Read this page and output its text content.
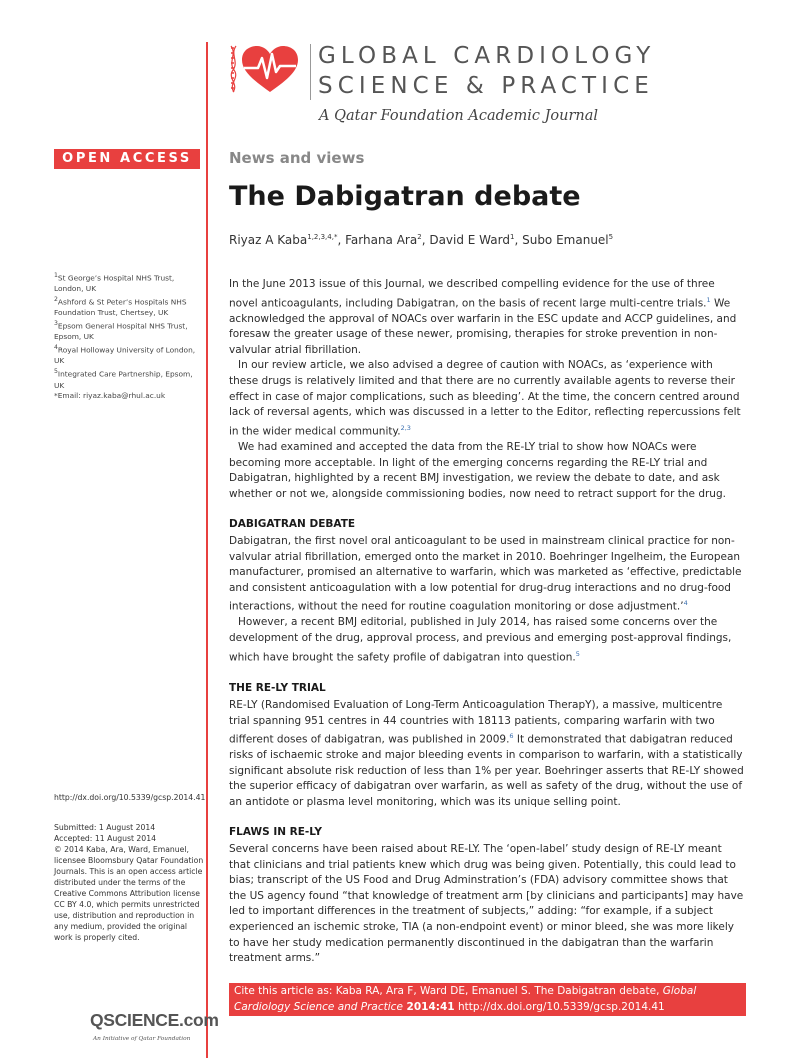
GLOBAL CARDIOLOGY
SCIENCE & PRACTICE
A Qatar Foundation Academic Journal
OPEN ACCESS	News and views
The Dabigatran debate
Riyaz A Kaba$^{1,2,3,4,*}$, Farhana Ara$^2$, David E Ward$^1$, Subo Emanuel$^5$

$^1$St George’s Hospital NHS Trust, London, UK

$^2$Ashford & St Peter’s Hospitals NHS Foundation Trust, Chertsey, UK

$^3$Epsom General Hospital NHS Trust, Epsom, UK

$^4$Royal Holloway University of London, UK

$^5$Integrated Care Partnership, Epsom, UK

*Email: riyaz.kaba@rhul.ac.uk

http://dx.doi.org/10.5339/gcsp.2014.41

Submitted: 1 August 2014

Accepted: 11 August 2014

© 2014 Kaba, Ara, Ward, Emanuel, licensee Bloomsbury Qatar Foundation Journals. This is an open access article distributed under the terms of the Creative Commons Attribution license CC BY 4.0, which permits unrestricted use, distribution and reproduction in any medium, provided the original work is properly cited.

QSCIENCE.com
An Initiative of Qatar Foundation

In the June 2013 issue of this Journal, we described compelling evidence for the use of three novel anticoagulants, including Dabigatran, on the basis of recent large multi-centre trials.$^1$ We acknowledged the approval of NOACs over warfarin in the ESC update and ACCP guidelines, and foresaw the greater usage of these newer, promising, therapies for stroke prevention in non-valvular atrial fibrillation.

In our review article, we also advised a degree of caution with NOACs, as ‘experience with these drugs is relatively limited and that there are no currently available agents to reverse their effect in case of major complications, such as bleeding’. At the time, the concern centred around lack of reversal agents, which was discussed in a letter to the Editor, reflecting repercussions felt in the wider medical community.$^{2,3}$

We had examined and accepted the data from the RE-LY trial to show how NOACs were becoming more acceptable. In light of the emerging concerns regarding the RE-LY trial and Dabigatran, highlighted by a recent BMJ investigation, we review the debate to date, and ask whether or not we, alongside commissioning bodies, now need to retract support for the drug.

DABIGATRAN DEBATE

Dabigatran, the first novel oral anticoagulant to be used in mainstream clinical practice for non-valvular atrial fibrillation, emerged onto the market in 2010. Boehringer Ingelheim, the European manufacturer, promised an alternative to warfarin, which was marketed as ‘effective, predictable and consistent anticoagulation with a low potential for drug-drug interactions and no drug-food interactions, without the need for routine coagulation monitoring or dose adjustment.’$^4$

However, a recent BMJ editorial, published in July 2014, has raised some concerns over the development of the drug, approval process, and previous and emerging post-approval findings, which have brought the safety profile of dabigatran into question.$^5$

THE RE-LY TRIAL

RE-LY (Randomised Evaluation of Long-Term Anticoagulation TherapY), a massive, multicentre trial spanning 951 centres in 44 countries with 18113 patients, comparing warfarin with two different doses of dabigatran, was published in 2009.$^6$ It demonstrated that dabigatran reduced risks of ischaemic stroke and major bleeding events in comparison to warfarin, with a statistically significant absolute risk reduction of less than 1% per year. Boehringer asserts that RE-LY showed the superior efficacy of dabigatran over warfarin, as well as safety of the drug, without the use of an antidote or plasma level monitoring, which was its unique selling point.

FLAWS IN RE-LY

Several concerns have been raised about RE-LY. The ‘open-label’ study design of RE-LY meant that clinicians and trial patients knew which drug was being given. Potentially, this could lead to bias; transcript of the US Food and Drug Adminstration’s (FDA) advisory committee shows that the US agency found “that knowledge of treatment arm [by clinicians and participants] may have led to important differences in the treatment of subjects,” adding: “for example, if a subject experienced an ischemic stroke, TIA (a non-endpoint event) or minor bleed, she was more likely to have her study medication permanently discontinued in the dabigatran than the warfarin treatment arms.”

Cite this article as: Kaba RA, Ara F, Ward DE, Emanuel S. The Dabigatran debate, Global Cardiology Science and Practice 2014:41 http://dx.doi.org/10.5339/gcsp.2014.41
